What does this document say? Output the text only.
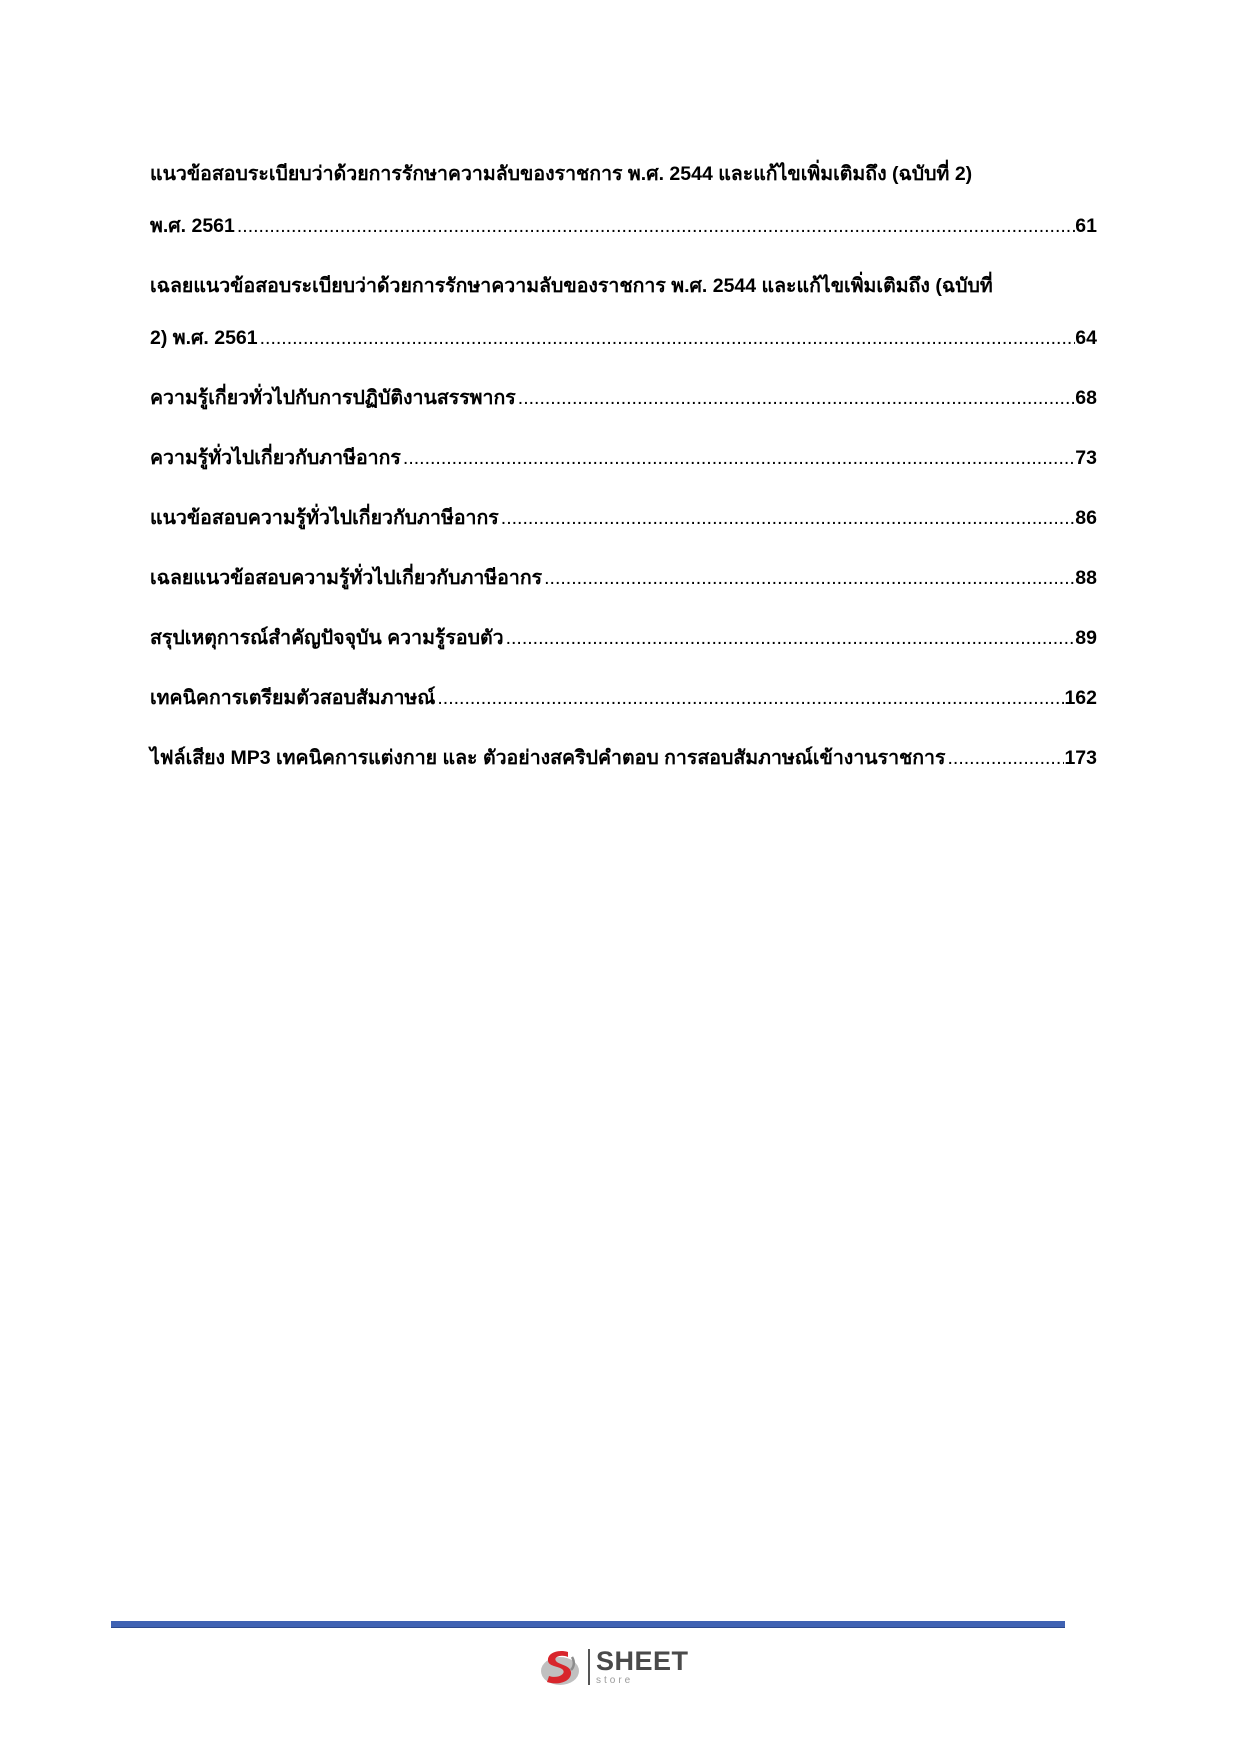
แนวข้อสอบระเบียบว่าด้วยการรักษาความลับของราชการ พ.ศ. 2544 และแก้ไขเพิ่มเติมถึง (ฉบับที่ 2)
พ.ศ. 2561 .....	61
เฉลยแนวข้อสอบระเบียบว่าด้วยการรักษาความลับของราชการ พ.ศ. 2544 และแก้ไขเพิ่มเติมถึง (ฉบับที่
2) พ.ศ. 2561 .....	64
ความรู้เกี่ยวทั่วไปกับการปฏิบัติงานสรรพากร .....	68
ความรู้ทั่วไปเกี่ยวกับภาษีอากร .....	73
แนวข้อสอบความรู้ทั่วไปเกี่ยวกับภาษีอากร .....	86
เฉลยแนวข้อสอบความรู้ทั่วไปเกี่ยวกับภาษีอากร .....	88
สรุปเหตุการณ์สำคัญปัจจุบัน ความรู้รอบตัว .....	89
เทคนิคการเตรียมตัวสอบสัมภาษณ์ .....	162
ไฟล์เสียง MP3 เทคนิคการแต่งกาย และ ตัวอย่างสคริปคำตอบ การสอบสัมภาษณ์เข้างานราชการ .....	173
SHEET
store
